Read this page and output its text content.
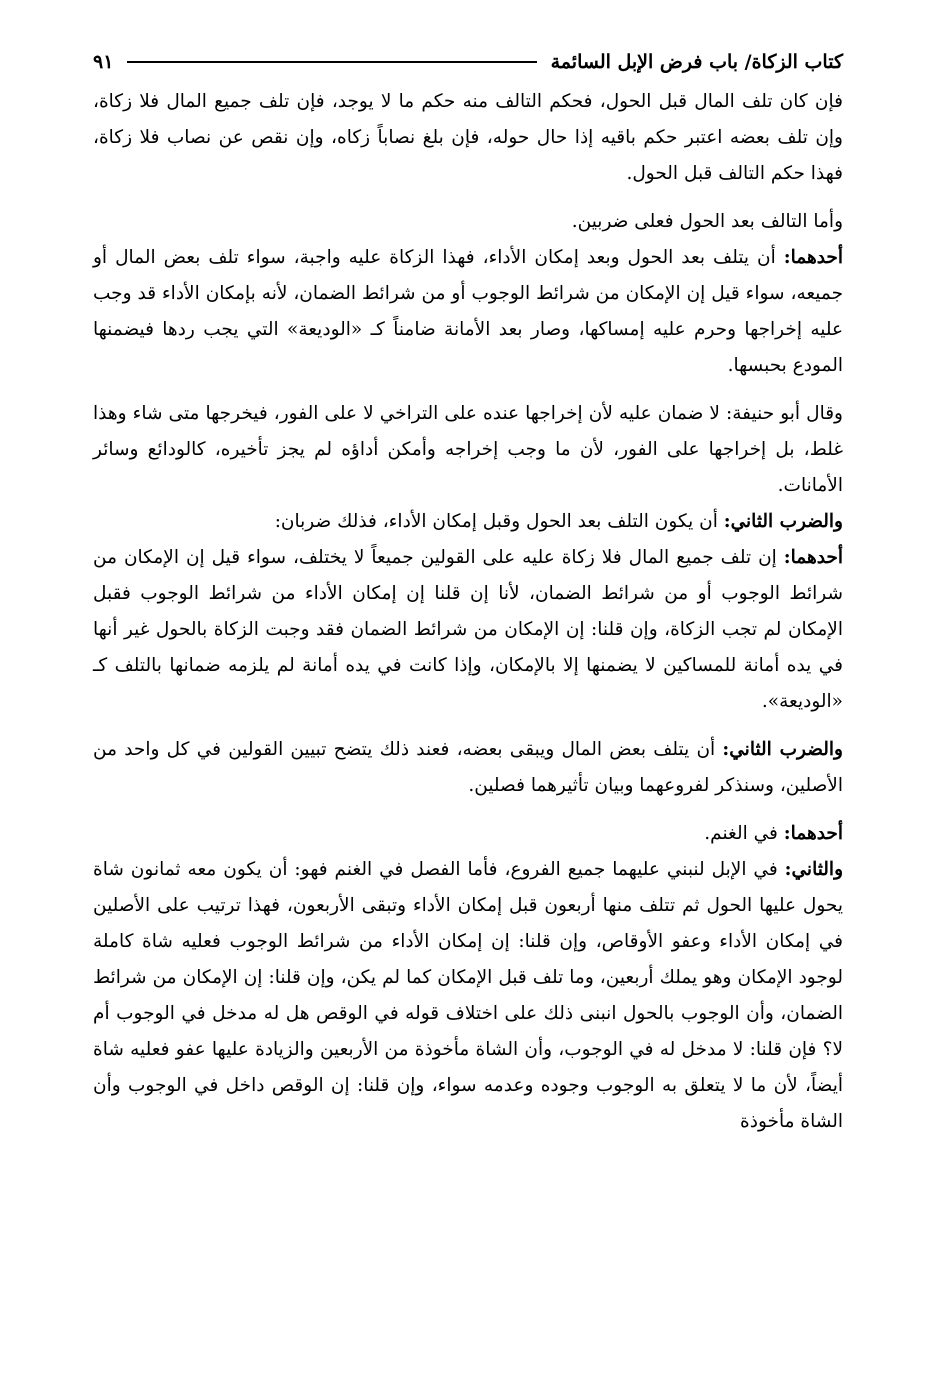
كتاب الزكاة/ باب فرض الإبل السائمة
٩١

فإن كان تلف المال قبل الحول، فحكم التالف منه حكم ما لا يوجد، فإن تلف جميع المال فلا زكاة، وإن تلف بعضه اعتبر حكم باقيه إذا حال حوله، فإن بلغ نصاباً زكاه، وإن نقص عن نصاب فلا زكاة، فهذا حكم التالف قبل الحول.

وأما التالف بعد الحول فعلى ضربين.

أحدهما: أن يتلف بعد الحول وبعد إمكان الأداء، فهذا الزكاة عليه واجبة، سواء تلف بعض المال أو جميعه، سواء قيل إن الإمكان من شرائط الوجوب أو من شرائط الضمان، لأنه بإمكان الأداء قد وجب عليه إخراجها وحرم عليه إمساكها، وصار بعد الأمانة ضامناً كـ «الوديعة» التي يجب ردها فيضمنها المودع بحبسها.

وقال أبو حنيفة: لا ضمان عليه لأن إخراجها عنده على التراخي لا على الفور، فيخرجها متى شاء وهذا غلط، بل إخراجها على الفور، لأن ما وجب إخراجه وأمكن أداؤه لم يجز تأخيره، كالودائع وسائر الأمانات.

والضرب الثاني: أن يكون التلف بعد الحول وقبل إمكان الأداء، فذلك ضربان:

أحدهما: إن تلف جميع المال فلا زكاة عليه على القولين جميعاً لا يختلف، سواء قيل إن الإمكان من شرائط الوجوب أو من شرائط الضمان، لأنا إن قلنا إن إمكان الأداء من شرائط الوجوب فقبل الإمكان لم تجب الزكاة، وإن قلنا: إن الإمكان من شرائط الضمان فقد وجبت الزكاة بالحول غير أنها في يده أمانة للمساكين لا يضمنها إلا بالإمكان، وإذا كانت في يده أمانة لم يلزمه ضمانها بالتلف كـ «الوديعة».

والضرب الثاني: أن يتلف بعض المال ويبقى بعضه، فعند ذلك يتضح تبيين القولين في كل واحد من الأصلين، وسنذكر لفروعهما وبيان تأثيرهما فصلين.

أحدهما: في الغنم.

والثاني: في الإبل لنبني عليهما جميع الفروع، فأما الفصل في الغنم فهو: أن يكون معه ثمانون شاة يحول عليها الحول ثم تتلف منها أربعون قبل إمكان الأداء وتبقى الأربعون، فهذا ترتيب على الأصلين في إمكان الأداء وعفو الأوقاص، وإن قلنا: إن إمكان الأداء من شرائط الوجوب فعليه شاة كاملة لوجود الإمكان وهو يملك أربعين، وما تلف قبل الإمكان كما لم يكن، وإن قلنا: إن الإمكان من شرائط الضمان، وأن الوجوب بالحول انبنى ذلك على اختلاف قوله في الوقص هل له مدخل في الوجوب أم لا؟ فإن قلنا: لا مدخل له في الوجوب، وأن الشاة مأخوذة من الأربعين والزيادة عليها عفو فعليه شاة أيضاً، لأن ما لا يتعلق به الوجوب وجوده وعدمه سواء، وإن قلنا: إن الوقص داخل في الوجوب وأن الشاة مأخوذة
